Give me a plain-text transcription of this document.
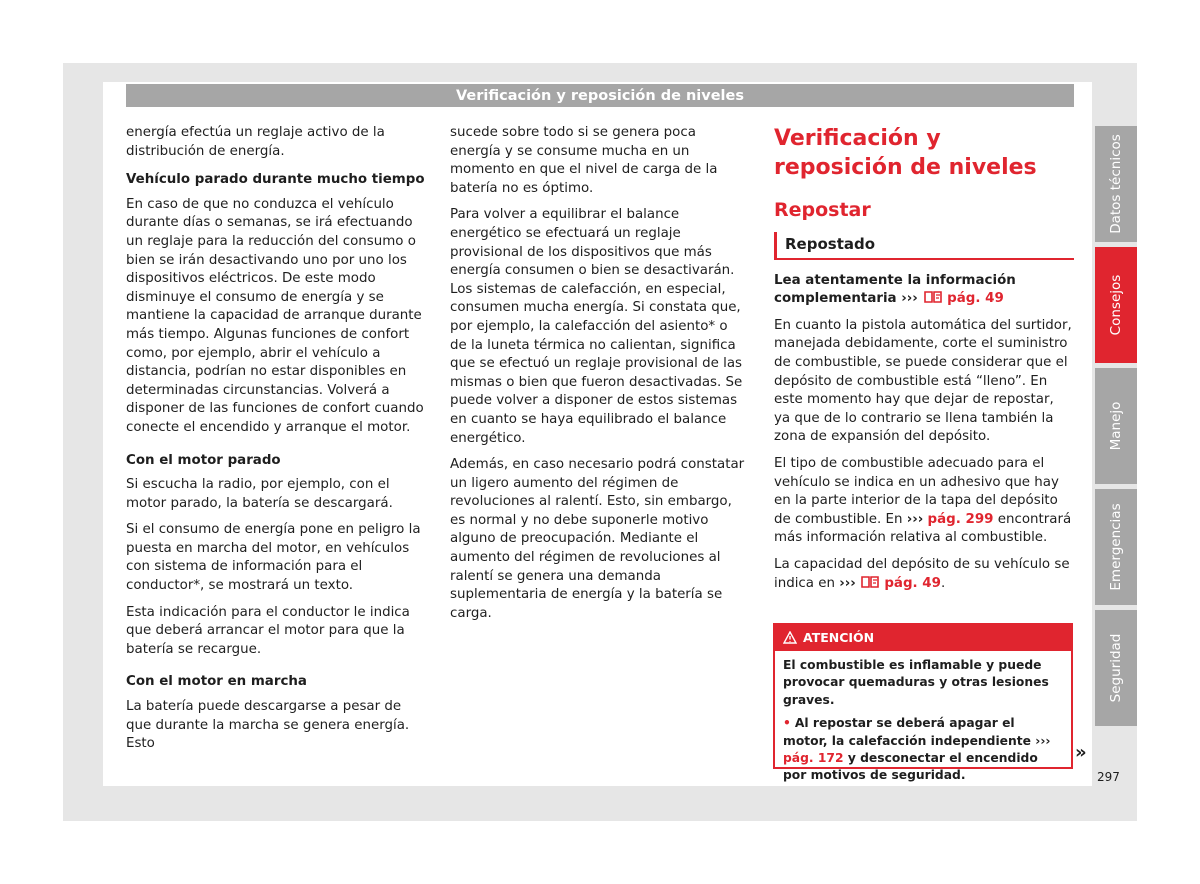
Verificación y reposición de niveles

energía efectúa un reglaje activo de la distribución de energía.

Vehículo parado durante mucho tiempo

En caso de que no conduzca el vehículo durante días o semanas, se irá efectuando un reglaje para la reducción del consumo o bien se irán desactivando uno por uno los dispositivos eléctricos. De este modo disminuye el consumo de energía y se mantiene la capacidad de arranque durante más tiempo. Algunas funciones de confort como, por ejemplo, abrir el vehículo a distancia, podrían no estar disponibles en determinadas circunstancias. Volverá a disponer de las funciones de confort cuando conecte el encendido y arranque el motor.

Con el motor parado

Si escucha la radio, por ejemplo, con el motor parado, la batería se descargará.

Si el consumo de energía pone en peligro la puesta en marcha del motor, en vehículos con sistema de información para el conductor*, se mostrará un texto.

Esta indicación para el conductor le indica que deberá arrancar el motor para que la batería se recargue.

Con el motor en marcha

La batería puede descargarse a pesar de que durante la marcha se genera energía. Esto

sucede sobre todo si se genera poca energía y se consume mucha en un momento en que el nivel de carga de la batería no es óptimo.

Para volver a equilibrar el balance energético se efectuará un reglaje provisional de los dispositivos que más energía consumen o bien se desactivarán. Los sistemas de calefacción, en especial, consumen mucha energía. Si constata que, por ejemplo, la calefacción del asiento* o de la luneta térmica no calientan, significa que se efectuó un reglaje provisional de las mismas o bien que fueron desactivadas. Se puede volver a disponer de estos sistemas en cuanto se haya equilibrado el balance energético.

Además, en caso necesario podrá constatar un ligero aumento del régimen de revoluciones al ralentí. Esto, sin embargo, es normal y no debe suponerle motivo alguno de preocupación. Mediante el aumento del régimen de revoluciones al ralentí se genera una demanda suplementaria de energía y la batería se carga.

Verificación y reposición de niveles
Repostar
Repostado

Lea atentamente la información complementaria ››› pág. 49

En cuanto la pistola automática del surtidor, manejada debidamente, corte el suministro de combustible, se puede considerar que el depósito de combustible está “lleno”. En este momento hay que dejar de repostar, ya que de lo contrario se llena también la zona de expansión del depósito.

El tipo de combustible adecuado para el vehículo se indica en un adhesivo que hay en la parte interior de la tapa del depósito de combustible. En ››› pág. 299 encontrará más información relativa al combustible.

La capacidad del depósito de su vehículo se indica en ››› pág. 49.

ATENCIÓN

El combustible es inflamable y puede provocar quemaduras y otras lesiones graves.

• Al repostar se deberá apagar el motor, la calefacción independiente ››› pág. 172 y desconectar el encendido por motivos de seguridad.

»
297
Datos técnicos
Consejos
Manejo
Emergencias
Seguridad
